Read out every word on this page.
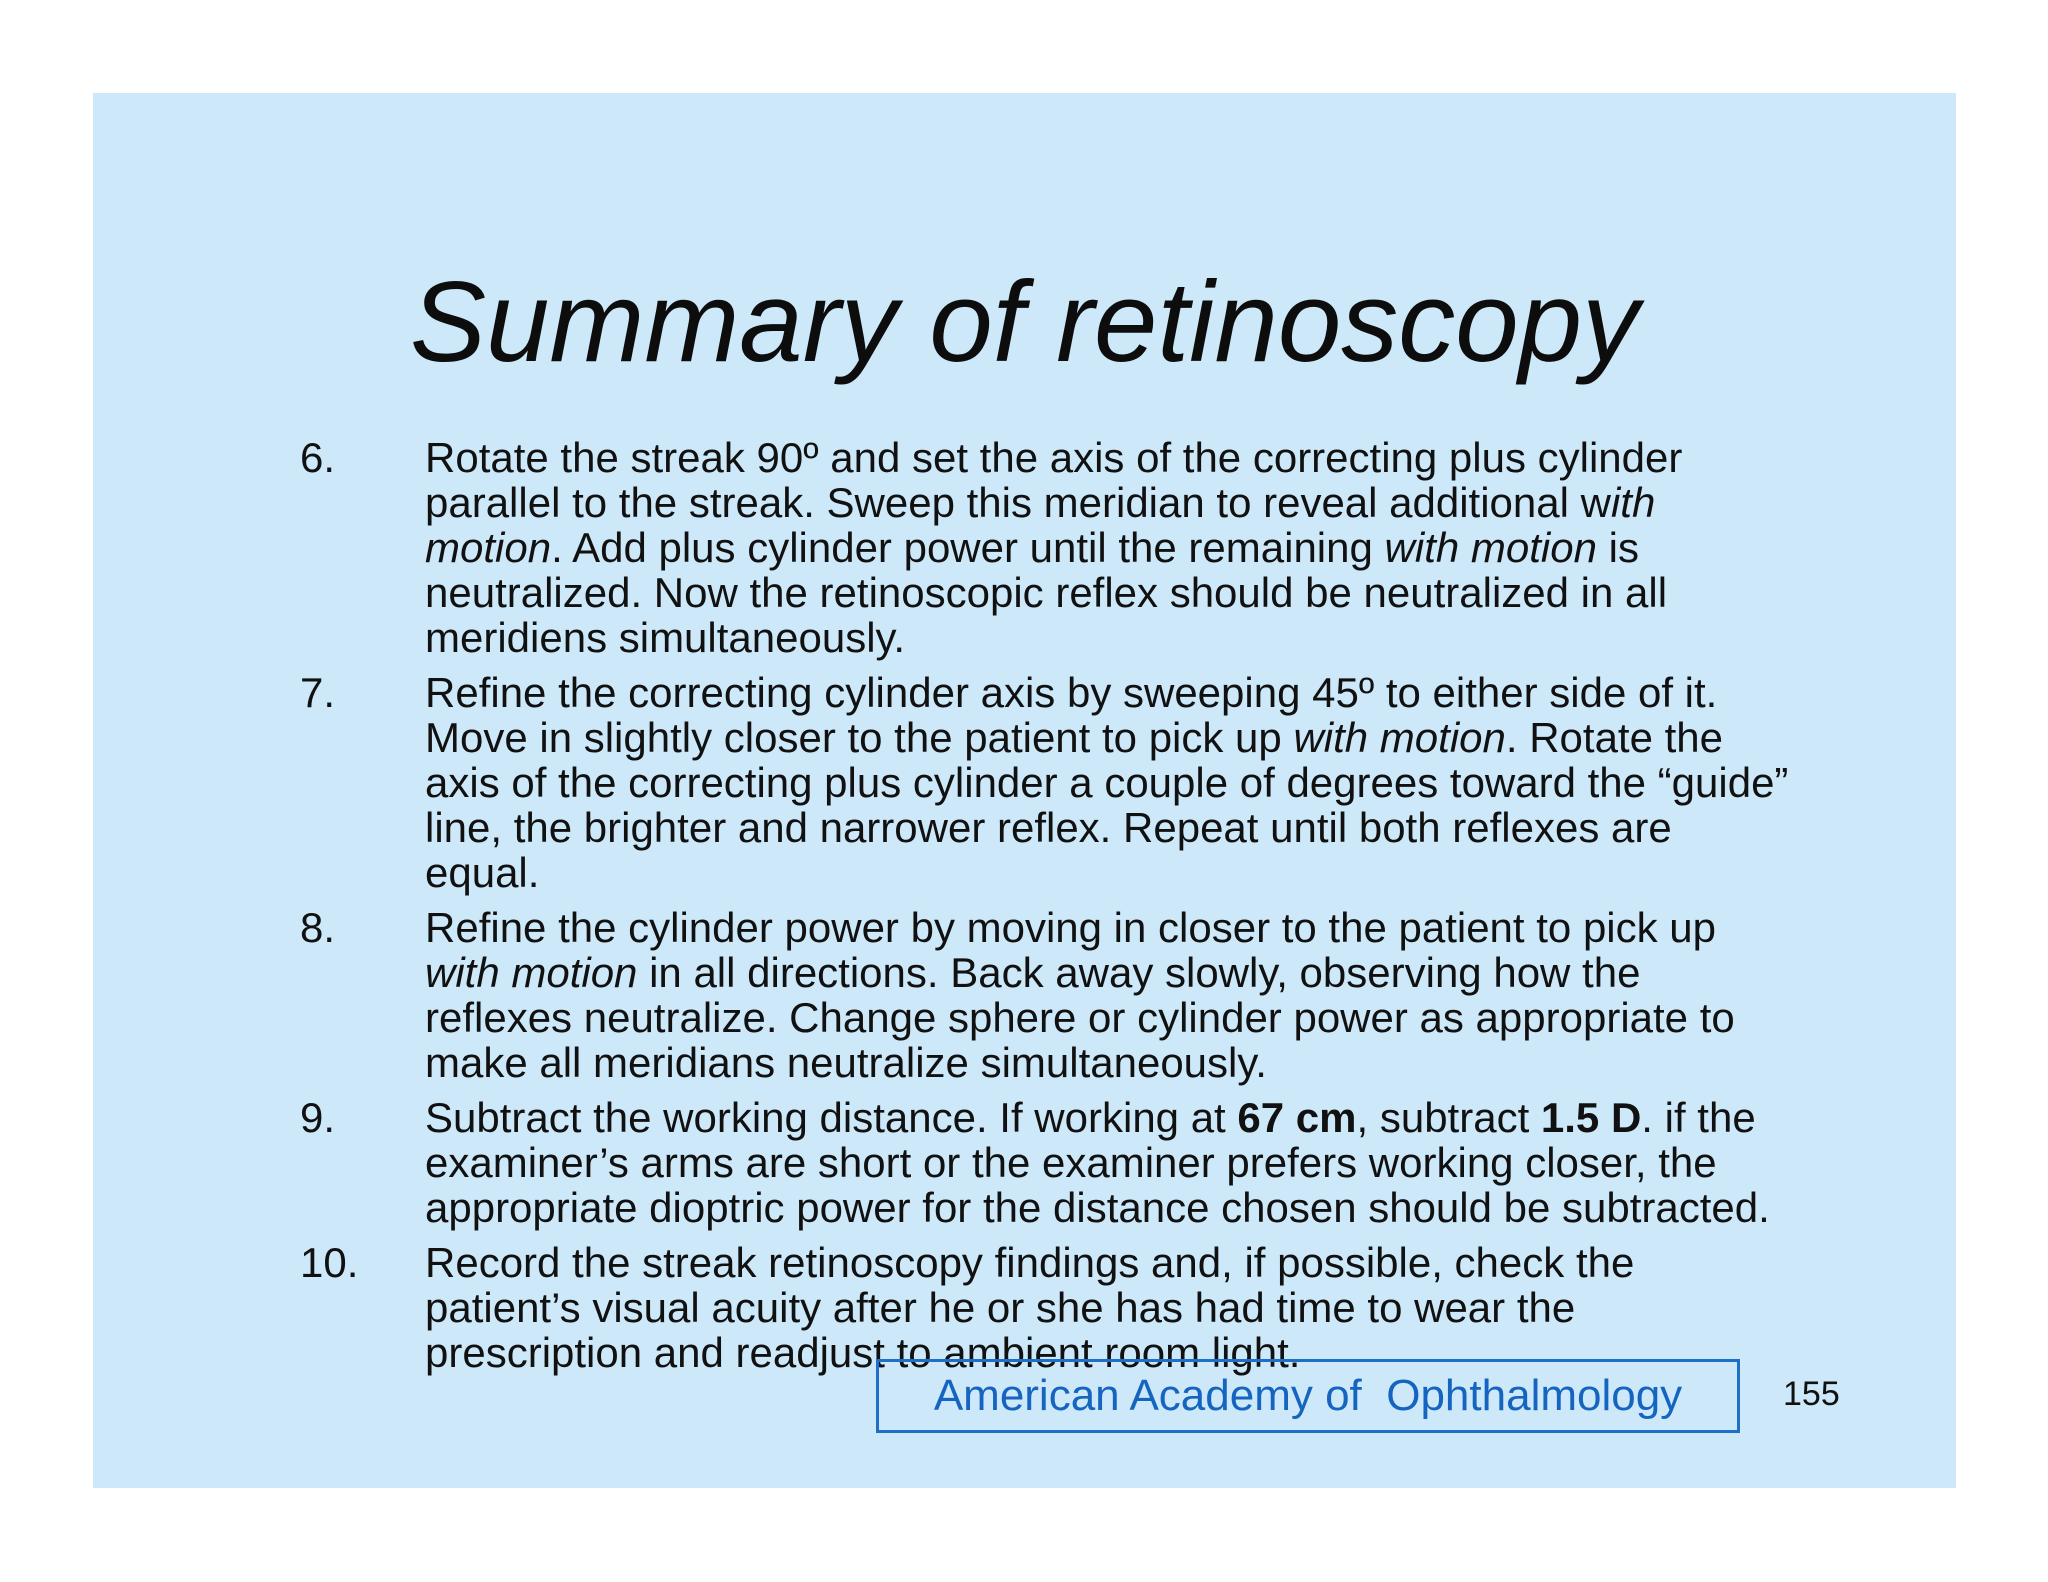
Summary of retinoscopy
6. Rotate the streak 90º and set the axis of the correcting plus cylinder
parallel to the streak. Sweep this meridian to reveal additional with
motion. Add plus cylinder power until the remaining with motion is
neutralized. Now the retinoscopic reflex should be neutralized in all
meridiens simultaneously.
7. Refine the correcting cylinder axis by sweeping 45º to either side of it.
Move in slightly closer to the patient to pick up with motion. Rotate the
axis of the correcting plus cylinder a couple of degrees toward the “guide”
line, the brighter and narrower reflex. Repeat until both reflexes are
equal.
8. Refine the cylinder power by moving in closer to the patient to pick up
with motion in all directions. Back away slowly, observing how the
reflexes neutralize. Change sphere or cylinder power as appropriate to
make all meridians neutralize simultaneously.
9. Subtract the working distance. If working at 67 cm, subtract 1.5 D. if the
examiner’s arms are short or the examiner prefers working closer, the
appropriate dioptric power for the distance chosen should be subtracted.
10. Record the streak retinoscopy findings and, if possible, check the
patient’s visual acuity after he or she has had time to wear the
prescription and readjust to ambient room light.
American Academy of  Ophthalmology	155
